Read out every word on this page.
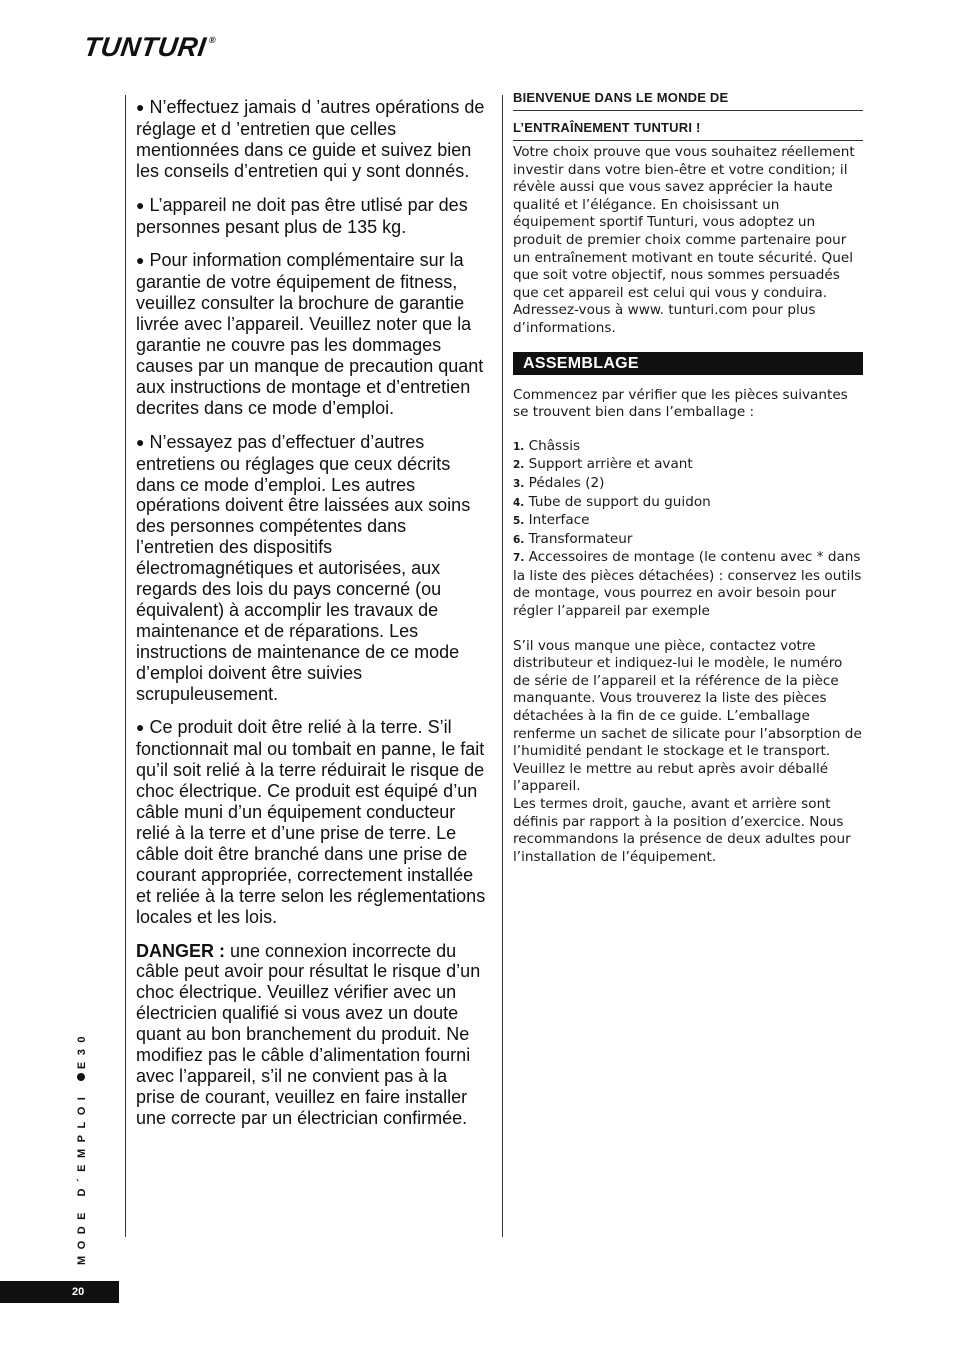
TUNTURI®

● N’effectuez jamais d ’autres opérations de réglage et d ’entretien que celles mentionnées dans ce guide et suivez bien les conseils d’entretien qui y sont donnés.

● L’appareil ne doit pas être utlisé par des personnes pesant plus de 135 kg.

● Pour information complémentaire sur la garantie de votre équipement de fitness, veuillez consulter la brochure de garantie livrée avec l’appareil. Veuillez noter que la garantie ne couvre pas les dommages causes par un manque de precaution quant aux instructions de montage et d’entretien decrites dans ce mode d’emploi.

● N’essayez pas d’effectuer d’autres entretiens ou réglages que ceux décrits dans ce mode d’emploi. Les autres opérations doivent être laissées aux soins des personnes compétentes dans l’entretien des dispositifs électromagnétiques et autorisées, aux regards des lois du pays concerné (ou équivalent) à accomplir les travaux de maintenance et de réparations. Les instructions de maintenance de ce mode d’emploi doivent être suivies scrupuleusement.

● Ce produit doit être relié à la terre. S’il fonctionnait mal ou tombait en panne, le fait qu’il soit relié à la terre réduirait le risque de choc électrique. Ce produit est équipé d’un câble muni d’un équipement conducteur relié à la terre et d’une prise de terre. Le câble doit être branché dans une prise de courant appropriée, correctement installée et reliée à la terre selon les réglementations locales et les lois.

DANGER : une connexion incorrecte du câble peut avoir pour résultat le risque d’un choc électrique. Veuillez vérifier avec un électricien qualifié si vous avez un doute quant au bon branchement du produit. Ne modifiez pas le câble d’alimentation fourni avec l’appareil, s’il ne convient pas à la prise de courant, veuillez en faire installer une correcte par un électrician confirmée.

BIENVENUE DANS LE MONDE DE
L’ENTRAÎNEMENT TUNTURI !

Votre choix prouve que vous souhaitez réellement investir dans votre bien-être et votre condition; il révèle aussi que vous savez apprécier la haute qualité et l’élégance. En choisissant un équipement sportif Tunturi, vous adoptez un produit de premier choix comme partenaire pour un entraînement motivant en toute sécurité. Quel que soit votre objectif, nous sommes persuadés que cet appareil est celui qui vous y conduira. Adressez-vous à www. tunturi.com pour plus d’informations.

ASSEMBLAGE

Commencez par vérifier que les pièces suivantes se trouvent bien dans l’emballage :

1. Châssis
2. Support arrière et avant
3. Pédales (2)
4. Tube de support du guidon
5. Interface
6. Transformateur
7. Accessoires de montage (le contenu avec * dans la liste des pièces détachées) : conservez les outils de montage, vous pourrez en avoir besoin pour régler l’appareil par exemple

S’il vous manque une pièce, contactez votre distributeur et indiquez-lui le modèle, le numéro de série de l’appareil et la référence de la pièce manquante. Vous trouverez la liste des pièces détachées à la fin de ce guide. L’emballage renferme un sachet de silicate pour l’absorption de l’humidité pendant le stockage et le transport. Veuillez le mettre au rebut après avoir déballé l’appareil.
Les termes droit, gauche, avant et arrière sont définis par rapport à la position d’exercice. Nous recommandons la présence de deux adultes pour l’installation de l’équipement.

MODE D´EMPLOI E30
20
